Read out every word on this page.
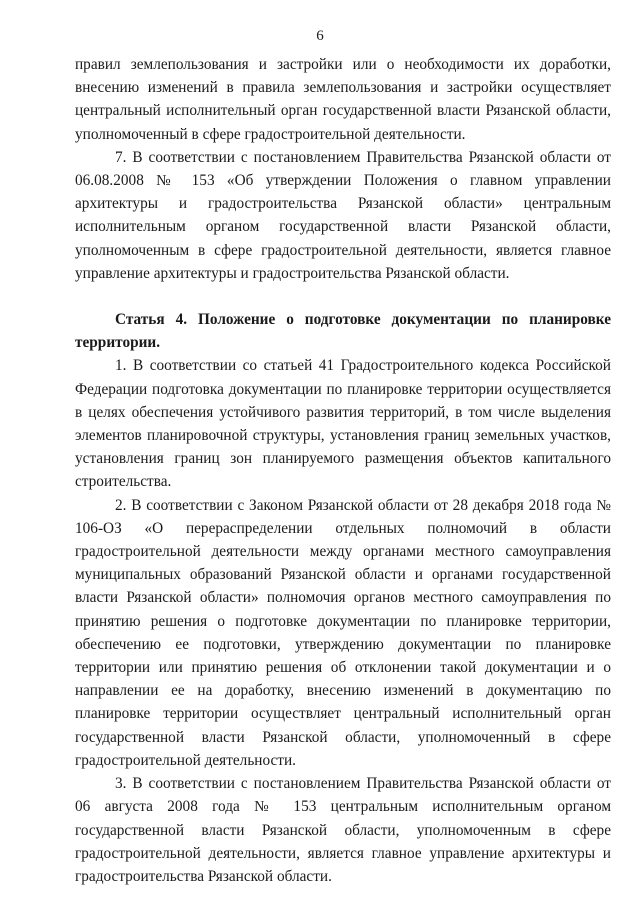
6

правил землепользования и застройки или о необходимости их доработки, внесению изменений в правила землепользования и застройки осуществляет центральный исполнительный орган государственной власти Рязанской области, уполномоченный в сфере градостроительной деятельности.

7. В соответствии с постановлением Правительства Рязанской области от 06.08.2008 № 153 «Об утверждении Положения о главном управлении архитектуры и градостроительства Рязанской области» центральным исполнительным органом государственной власти Рязанской области, уполномоченным в сфере градостроительной деятельности, является главное управление архитектуры и градостроительства Рязанской области.

Статья 4. Положение о подготовке документации по планировке территории.

1. В соответствии со статьей 41 Градостроительного кодекса Российской Федерации подготовка документации по планировке территории осуществляется в целях обеспечения устойчивого развития территорий, в том числе выделения элементов планировочной структуры, установления границ земельных участков, установления границ зон планируемого размещения объектов капитального строительства.

2. В соответствии с Законом Рязанской области от 28 декабря 2018 года № 106-ОЗ «О перераспределении отдельных полномочий в области градостроительной деятельности между органами местного самоуправления муниципальных образований Рязанской области и органами государственной власти Рязанской области» полномочия органов местного самоуправления по принятию решения о подготовке документации по планировке территории, обеспечению ее подготовки, утверждению документации по планировке территории или принятию решения об отклонении такой документации и о направлении ее на доработку, внесению изменений в документацию по планировке территории осуществляет центральный исполнительный орган государственной власти Рязанской области, уполномоченный в сфере градостроительной деятельности.

3. В соответствии с постановлением Правительства Рязанской области от 06 августа 2008 года № 153 центральным исполнительным органом государственной власти Рязанской области, уполномоченным в сфере градостроительной деятельности, является главное управление архитектуры и градостроительства Рязанской области.
